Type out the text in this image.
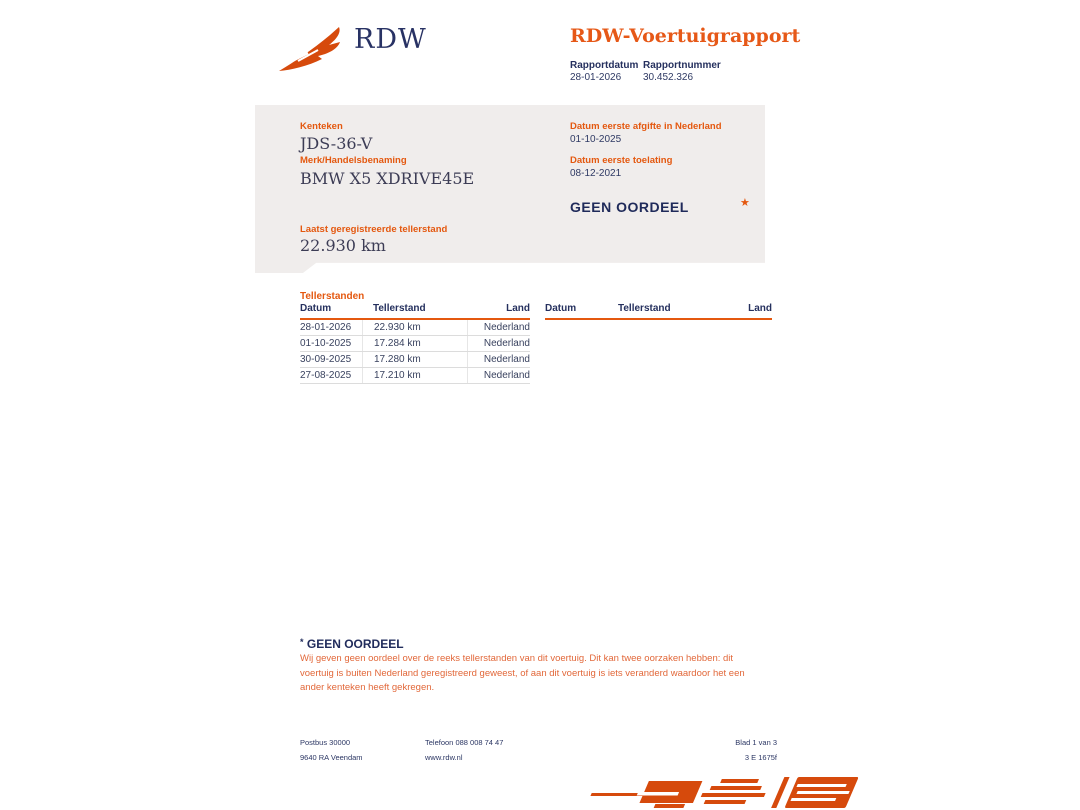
RDW	RDW-Voertuigrapport
Rapportdatum Rapportnummer
28-01-2026 30.452.326
Kenteken
JDS-36-V
Merk/Handelsbenaming
BMW X5 XDRIVE45E
Laatst geregistreerde tellerstand
22.930 km
Datum eerste afgifte in Nederland
01-10-2025
Datum eerste toelating
08-12-2021
GEEN OORDEEL	★
Tellerstanden
Datum	Tellerstand	Land
28-01-2026	22.930 km	Nederland
01-10-2025	17.284 km	Nederland
30-09-2025	17.280 km	Nederland
27-08-2025	17.210 km	Nederland
Datum	Tellerstand	Land
* GEEN OORDEEL
Wij geven geen oordeel over de reeks tellerstanden van dit voertuig. Dit kan twee oorzaken hebben: dit voertuig is buiten Nederland geregistreerd geweest, of aan dit voertuig is iets veranderd waardoor het een ander kenteken heeft gekregen.
Postbus 30000
9640 RA Veendam
Telefoon 088 008 74 47
www.rdw.nl
Blad 1 van 3
3 E 1675f
